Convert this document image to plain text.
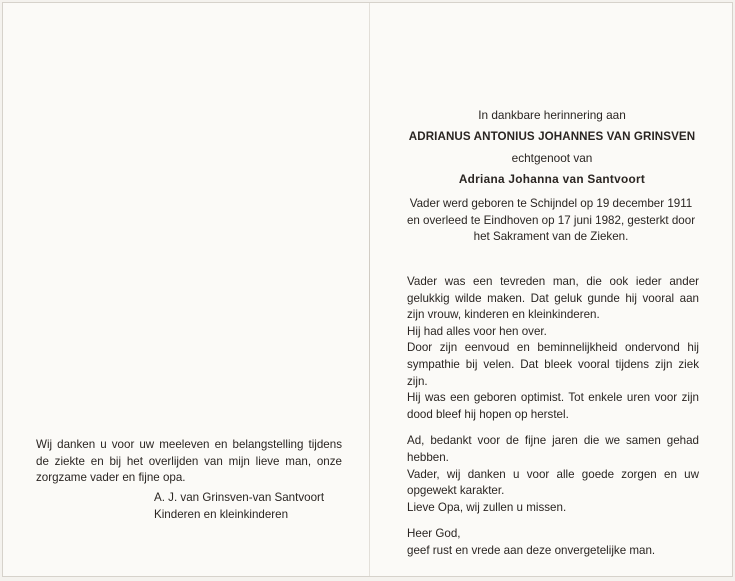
Wij danken u voor uw meeleven en belangstelling tijdens de ziekte en bij het overlijden van mijn lieve man, onze zorgzame vader en fijne opa.

A. J. van Grinsven-van Santvoort
Kinderen en kleinkinderen
In dankbare herinnering aan
ADRIANUS ANTONIUS JOHANNES VAN GRINSVEN
echtgenoot van
Adriana Johanna van Santvoort
Vader werd geboren te Schijndel op 19 december 1911
en overleed te Eindhoven op 17 juni 1982, gesterkt door
het Sakrament van de Zieken.

Vader was een tevreden man, die ook ieder ander gelukkig wilde maken. Dat geluk gunde hij vooral aan zijn vrouw, kinderen en kleinkinderen.

Hij had alles voor hen over.

Door zijn eenvoud en beminnelijkheid ondervond hij sympathie bij velen. Dat bleek vooral tijdens zijn ziek zijn.

Hij was een geboren optimist. Tot enkele uren voor zijn dood bleef hij hopen op herstel.

Ad, bedankt voor de fijne jaren die we samen gehad hebben.

Vader, wij danken u voor alle goede zorgen en uw opgewekt karakter.

Lieve Opa, wij zullen u missen.

Heer God,

geef rust en vrede aan deze onvergetelijke man.
